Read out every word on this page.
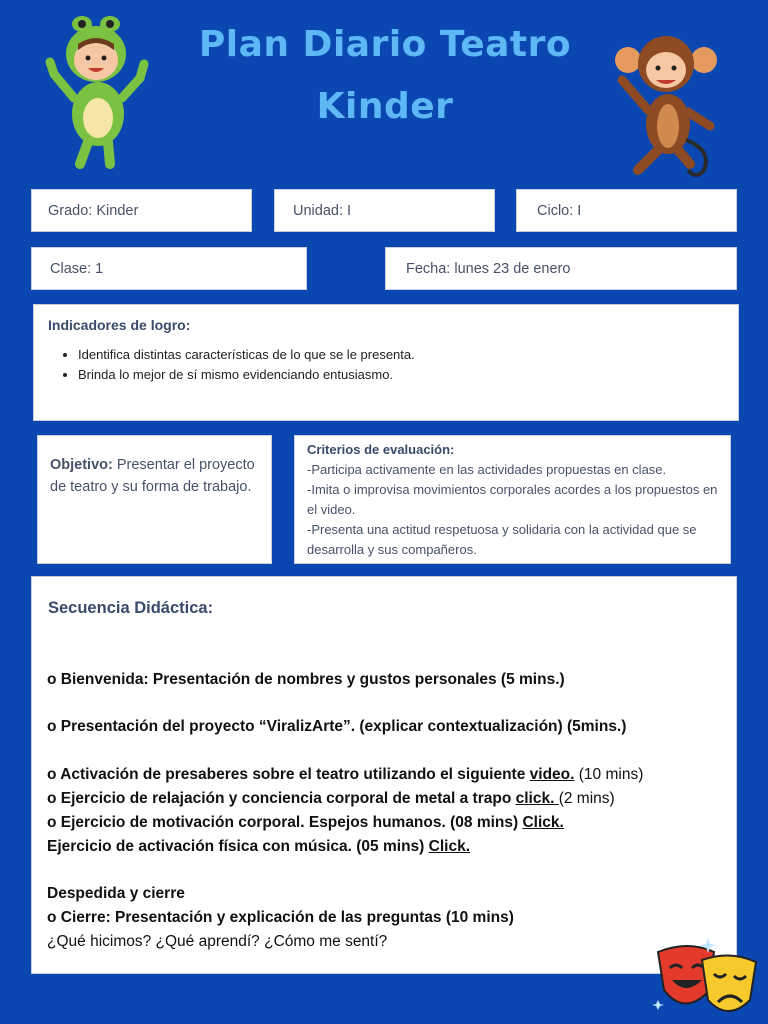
Plan Diario Teatro
Kinder
Grado: Kinder	Unidad: I	Ciclo: I
Clase: 1	Fecha: lunes 23 de enero
Indicadores de logro:
• Identifica distintas características de lo que se le presenta.
• Brinda lo mejor de sí mismo evidenciando entusiasmo.
Objetivo: Presentar el proyecto de teatro y su forma de trabajo.
Criterios de evaluación:
-Participa activamente en las actividades propuestas en clase.
-Imita o improvisa movimientos corporales acordes a los propuestos en el video.
-Presenta una actitud respetuosa y solidaria con la actividad que se desarrolla y sus compañeros.
Secuencia Didáctica:
o Bienvenida: Presentación de nombres y gustos personales (5 mins.)
o Presentación del proyecto “ViralizArte”. (explicar contextualización) (5mins.)
o Activación de presaberes sobre el teatro utilizando el siguiente video. (10 mins)
o Ejercicio de relajación y conciencia corporal de metal a trapo click. (2 mins)
o Ejercicio de motivación corporal. Espejos humanos. (08 mins) Click.
Ejercicio de activación física con música. (05 mins) Click.
Despedida y cierre
o Cierre: Presentación y explicación de las preguntas (10 mins)
¿Qué hicimos? ¿Qué aprendí? ¿Cómo me sentí?
